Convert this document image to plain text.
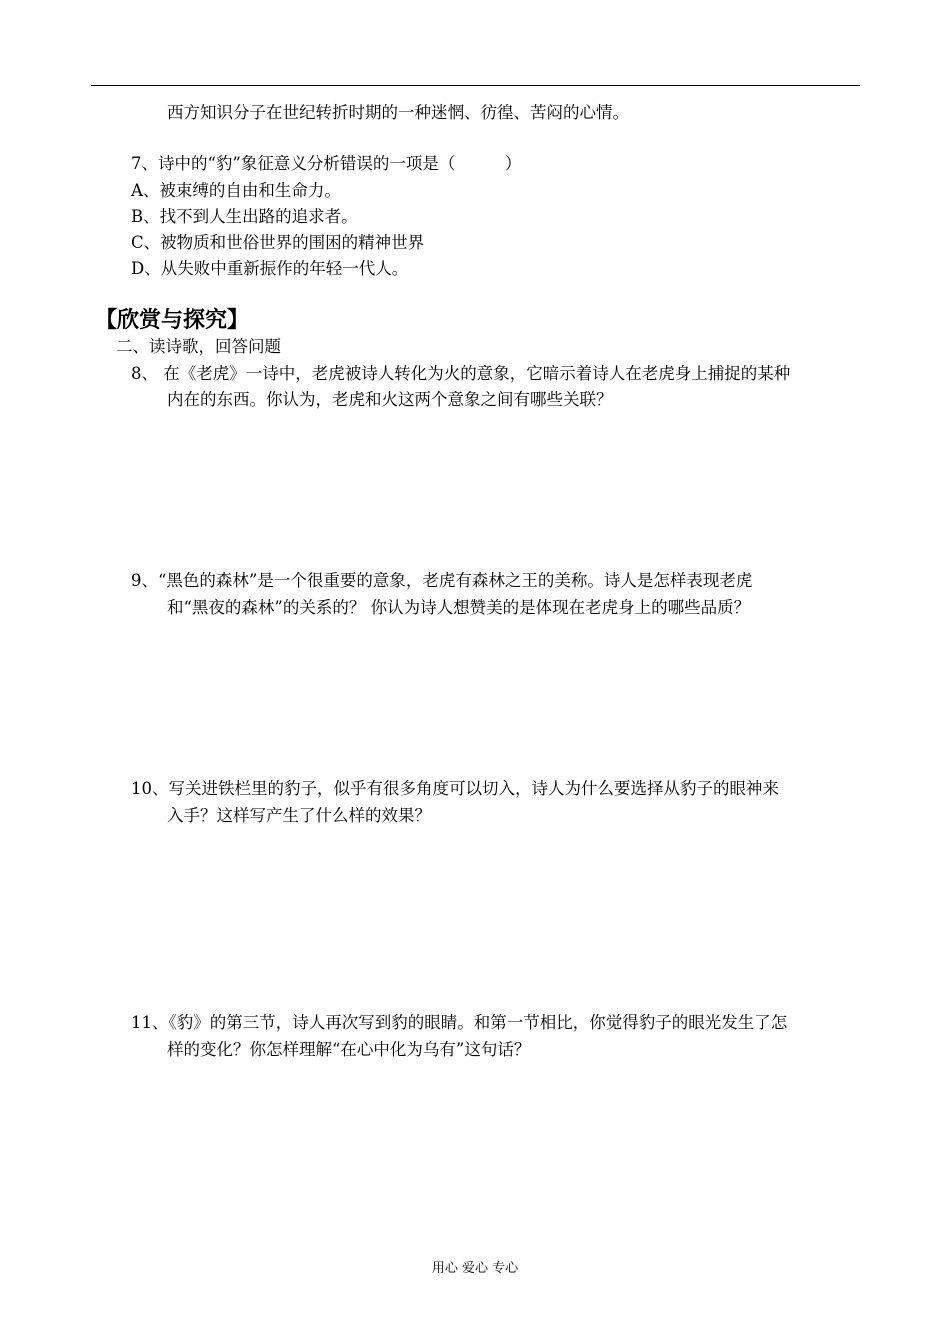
西方知识分子在世纪转折时期的一种迷惘、彷徨、苦闷的心情。
7、诗中的“豹”象征意义分析错误的一项是（　　　）
A、被束缚的自由和生命力。
B、找不到人生出路的追求者。
C、被物质和世俗世界的围困的精神世界
D、从失败中重新振作的年轻一代人。
【欣赏与探究】
二、读诗歌，回答问题
8、 在《老虎》一诗中，老虎被诗人转化为火的意象，它暗示着诗人在老虎身上捕捉的某种
内在的东西。你认为，老虎和火这两个意象之间有哪些关联？
9、“黑色的森林”是一个很重要的意象，老虎有森林之王的美称。诗人是怎样表现老虎
和“黑夜的森林”的关系的？ 你认为诗人想赞美的是体现在老虎身上的哪些品质？
10、写关进铁栏里的豹子，似乎有很多角度可以切入，诗人为什么要选择从豹子的眼神来
入手？这样写产生了什么样的效果？
11、《豹》的第三节，诗人再次写到豹的眼睛。和第一节相比，你觉得豹子的眼光发生了怎
样的变化？你怎样理解“在心中化为乌有”这句话？
用心 爱心 专心
